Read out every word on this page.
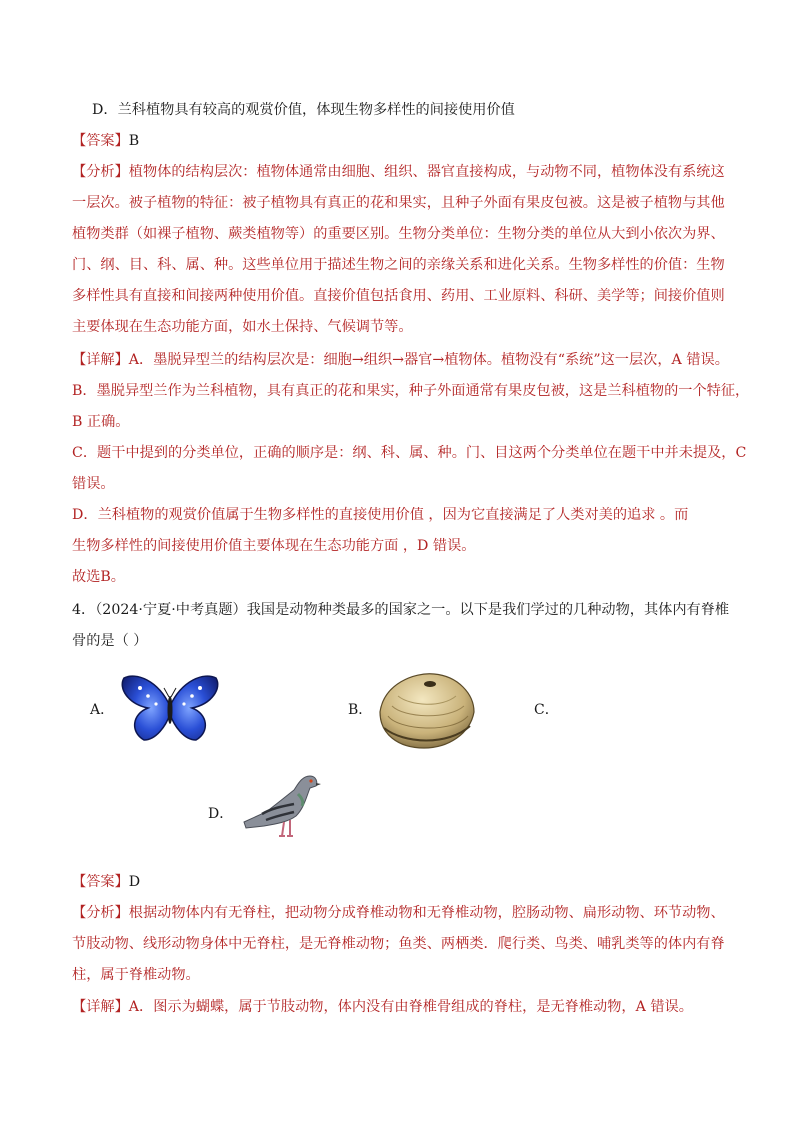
D．兰科植物具有较高的观赏价值，体现生物多样性的间接使用价值
【答案】B
【分析】植物体的结构层次：植物体通常由细胞、组织、器官直接构成，与动物不同，植物体没有系统这
一层次。被子植物的特征：被子植物具有真正的花和果实，且种子外面有果皮包被。这是被子植物与其他
植物类群（如裸子植物、蕨类植物等）的重要区别。生物分类单位：生物分类的单位从大到小依次为界、
门、纲、目、科、属、种。这些单位用于描述生物之间的亲缘关系和进化关系。生物多样性的价值：生物
多样性具有直接和间接两种使用价值。直接价值包括食用、药用、工业原料、科研、美学等；间接价值则
主要体现在生态功能方面，如水土保持、气候调节等。
【详解】A．墨脱异型兰的结构层次是：细胞→组织→器官→植物体。植物没有“系统”这一层次，A 错误。
B．墨脱异型兰作为兰科植物，具有真正的花和果实，种子外面通常有果皮包被，这是兰科植物的一个特征，
B 正确。
C．题干中提到的分类单位，正确的顺序是：纲、科、属、种。门、目这两个分类单位在题干中并未提及，C
错误。
D．兰科植物的观赏价值属于生物多样性的直接使用价值 ，因为它直接满足了人类对美的追求 。而
生物多样性的间接使用价值主要体现在生态功能方面 ，D 错误。
故选B。
4．（2024·宁夏·中考真题）我国是动物种类最多的国家之一。以下是我们学过的几种动物，其体内有脊椎
骨的是（ ）
A．	B．	C．
D．
【答案】D
【分析】根据动物体内有无脊柱，把动物分成脊椎动物和无脊椎动物，腔肠动物、扁形动物、环节动物、
节肢动物、线形动物身体中无脊柱，是无脊椎动物；鱼类、两栖类．爬行类、鸟类、哺乳类等的体内有脊
柱，属于脊椎动物。
【详解】A．图示为蝴蝶，属于节肢动物，体内没有由脊椎骨组成的脊柱，是无脊椎动物，A 错误。
